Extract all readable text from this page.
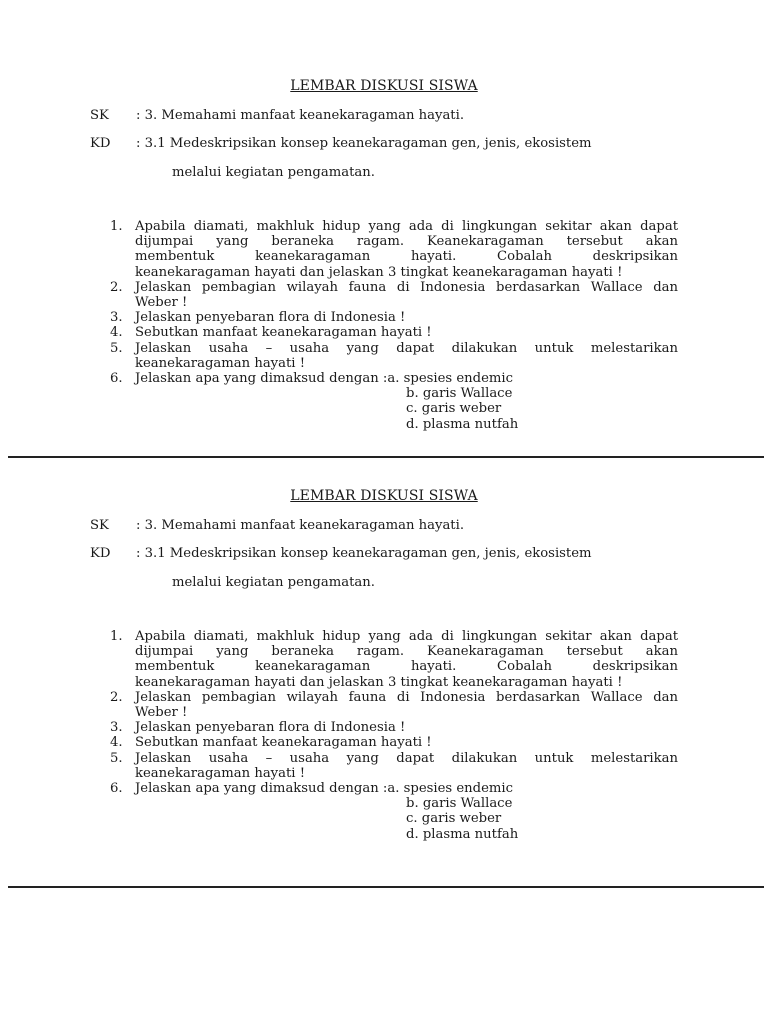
LEMBAR DISKUSI SISWA
SK : 3. Memahami manfaat keanekaragaman hayati.
KD : 3.1 Medeskripsikan konsep keanekaragaman gen, jenis, ekosistem
melalui kegiatan pengamatan.
1. Apabila diamati, makhluk hidup yang ada di lingkungan sekitar akan dapat
dijumpai yang beraneka ragam. Keanekaragaman tersebut akan
membentuk keanekaragaman hayati. Cobalah deskripsikan
keanekaragaman hayati dan jelaskan 3 tingkat keanekaragaman hayati !
2. Jelaskan pembagian wilayah fauna di Indonesia berdasarkan Wallace dan
Weber !
3. Jelaskan penyebaran flora di Indonesia !
4. Sebutkan manfaat keanekaragaman hayati !
5. Jelaskan usaha – usaha yang dapat dilakukan untuk melestarikan
keanekaragaman hayati !
6. Jelaskan apa yang dimaksud dengan :a. spesies endemic
b. garis Wallace
c. garis weber
d. plasma nutfah
LEMBAR DISKUSI SISWA
SK : 3. Memahami manfaat keanekaragaman hayati.
KD : 3.1 Medeskripsikan konsep keanekaragaman gen, jenis, ekosistem
melalui kegiatan pengamatan.
1. Apabila diamati, makhluk hidup yang ada di lingkungan sekitar akan dapat
dijumpai yang beraneka ragam. Keanekaragaman tersebut akan
membentuk keanekaragaman hayati. Cobalah deskripsikan
keanekaragaman hayati dan jelaskan 3 tingkat keanekaragaman hayati !
2. Jelaskan pembagian wilayah fauna di Indonesia berdasarkan Wallace dan
Weber !
3. Jelaskan penyebaran flora di Indonesia !
4. Sebutkan manfaat keanekaragaman hayati !
5. Jelaskan usaha – usaha yang dapat dilakukan untuk melestarikan
keanekaragaman hayati !
6. Jelaskan apa yang dimaksud dengan :a. spesies endemic
b. garis Wallace
c. garis weber
d. plasma nutfah
